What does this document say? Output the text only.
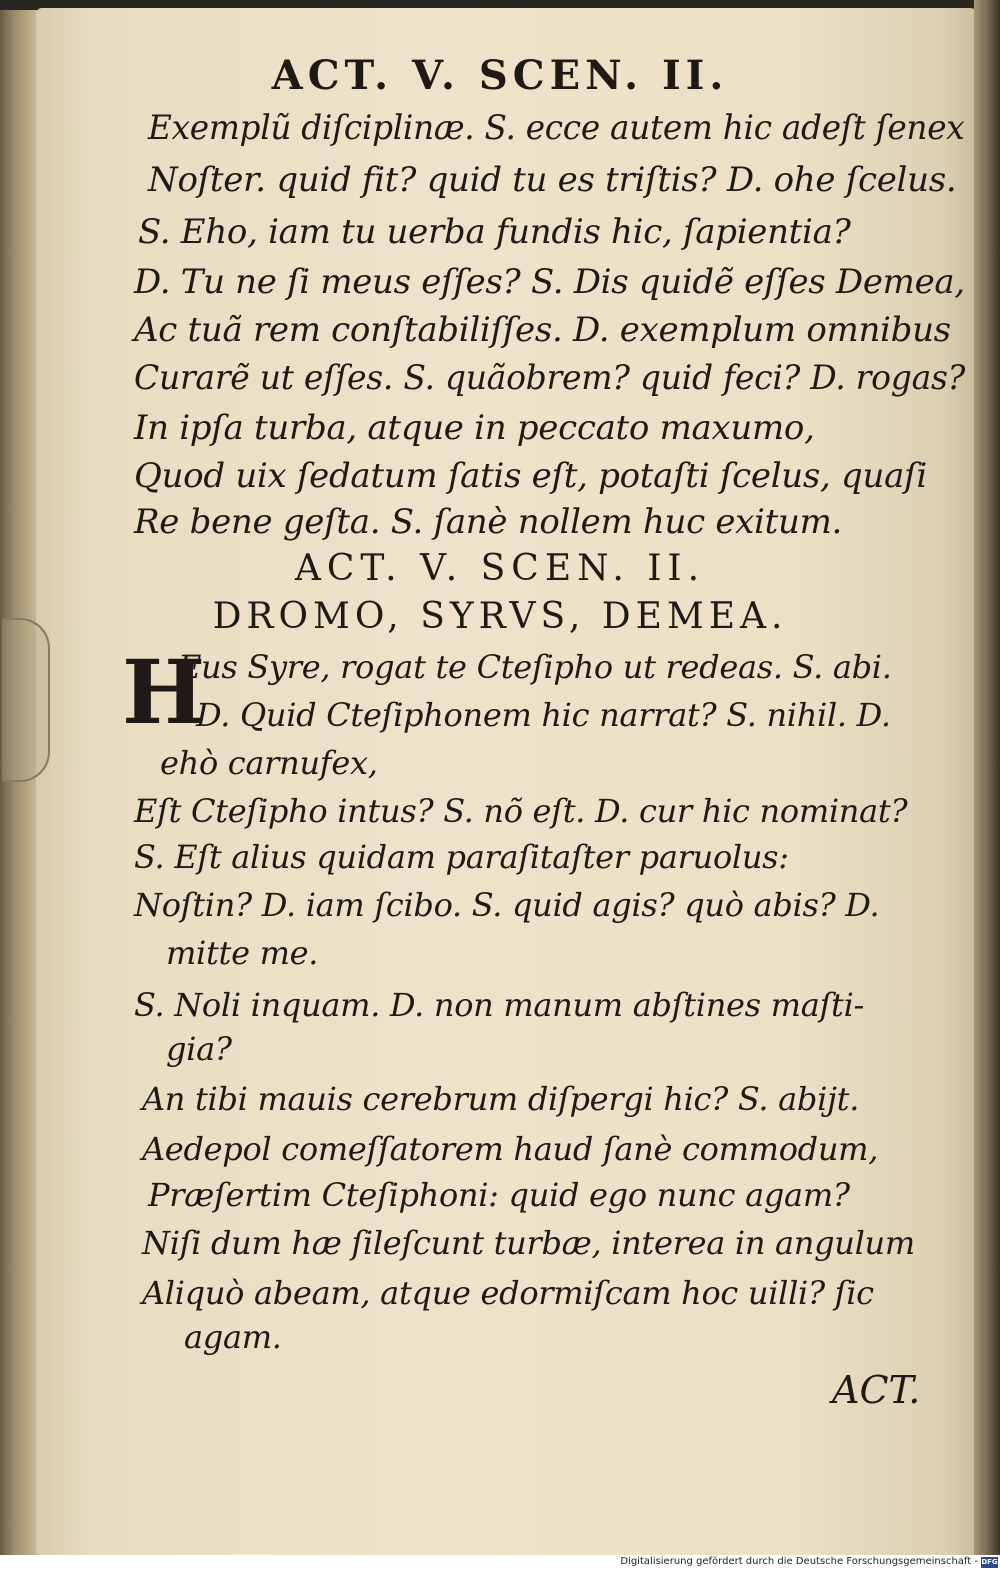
ACT. V. SCEN. II.
Exemplũ diſciplinæ. S. ecce autem hic adeſt ſenex
Noſter. quid fit? quid tu es triſtis? D. ohe ſcelus.
S. Eho, iam tu uerba fundis hic, ſapientia?
D. Tu ne ſi meus eſſes? S. Dis quidẽ eſſes Demea,
Ac tuã rem conſtabiliſſes. D. exemplum omnibus
Curarẽ ut eſſes. S. quãobrem? quid feci? D. rogas?
In ipſa turba, atque in peccato maxumo,
Quod uix ſedatum ſatis eſt, potaſti ſcelus, quaſi
Re bene geſta. S. ſanè nollem huc exitum.
ACT. V. SCEN. II.
DROMO, SYRVS, DEMEA.
H
Eus Syre, rogat te Cteſipho ut redeas. S. abi.
D. Quid Cteſiphonem hic narrat? S. nihil. D.
ehò carnufex,
Eſt Cteſipho intus? S. nõ eſt. D. cur hic nominat?
S. Eſt alius quidam paraſitaſter paruolus:
Noſtin? D. iam ſcibo. S. quid agis? quò abis? D.
mitte me.
S. Noli inquam. D. non manum abſtines maſti-
gia?
An tibi mauis cerebrum diſpergi hic? S. abijt.
Aedepol comeſſatorem haud ſanè commodum,
Præſertim Cteſiphoni: quid ego nunc agam?
Niſi dum hæ ſileſcunt turbæ, interea in angulum
Aliquò abeam, atque edormiſcam hoc uilli? ſic
agam.
ACT.
Digitalisierung gefördert durch die Deutsche Forschungsgemeinschaft - DFG
